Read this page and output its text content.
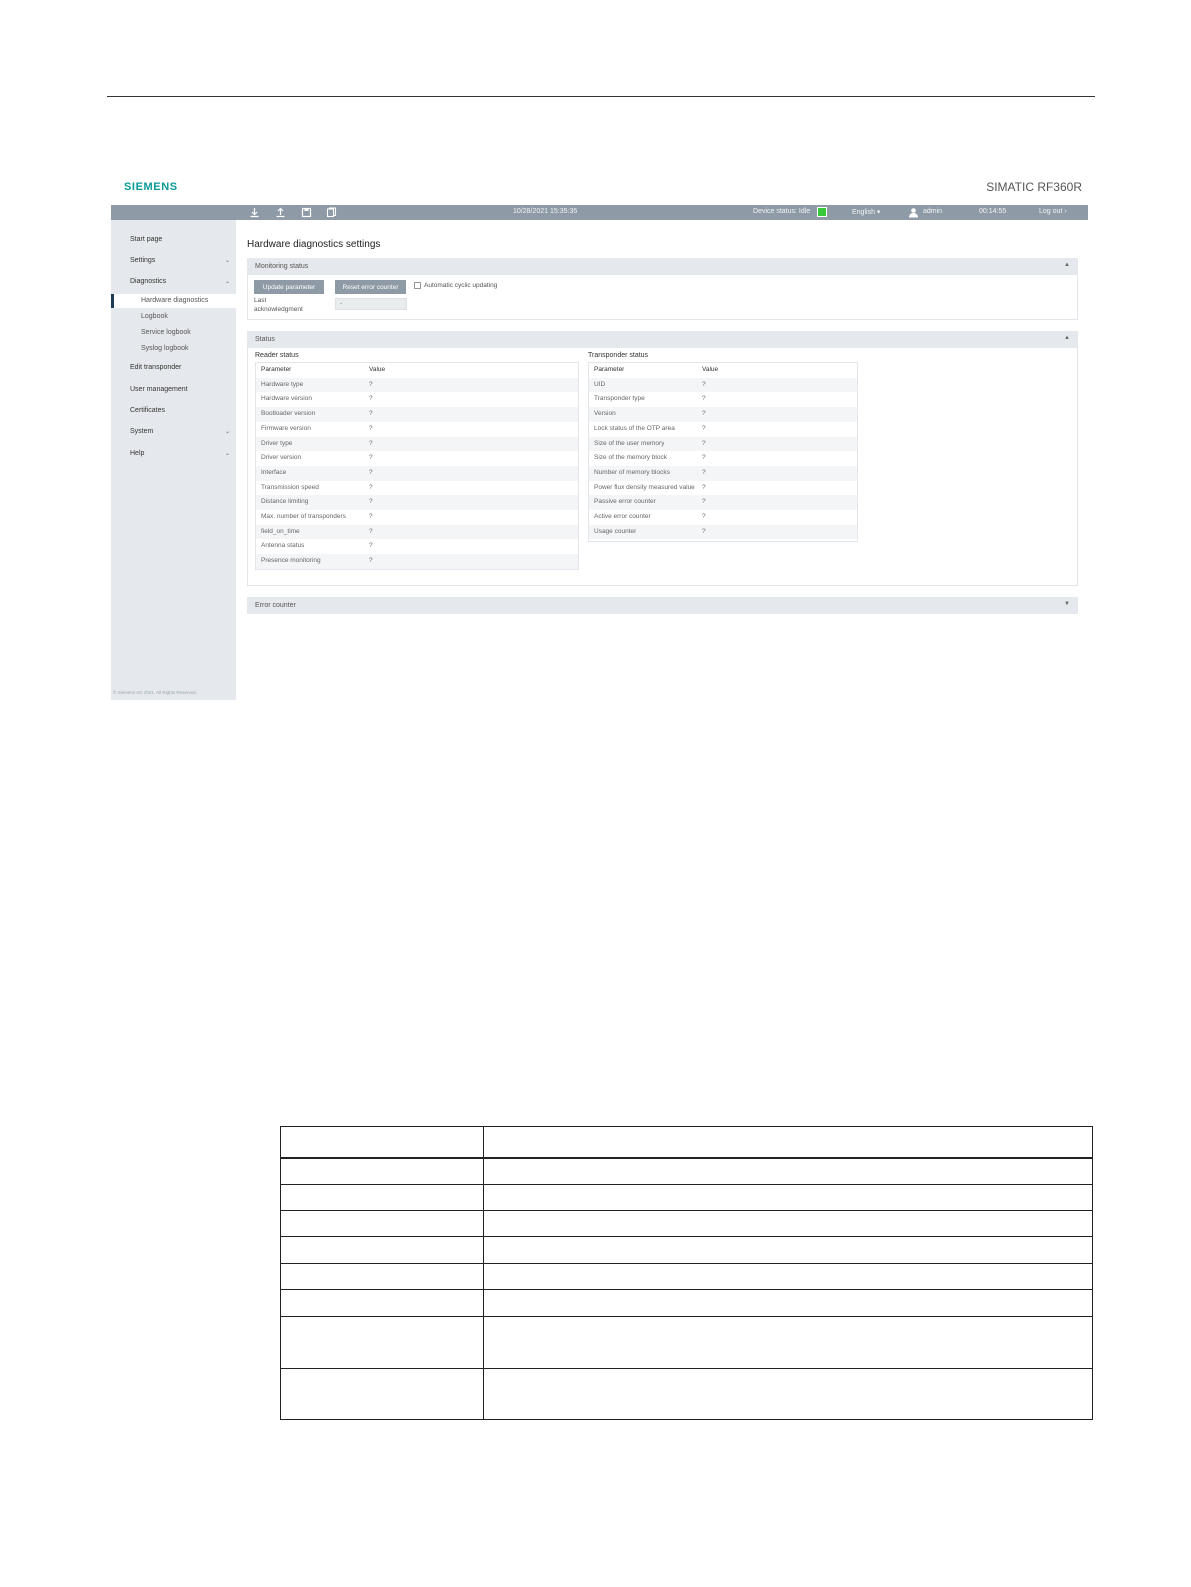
SIEMENS	SIMATIC RF360R
10/28/2021 15:35:35	Device status: Idle	English ▾	admin	00:14:55	Log out ›
Start page
Settings	⌄
Diagnostics	⌄
Hardware diagnostics
Logbook
Service logbook
Syslog logbook
Edit transponder
User management
Certificates
System	⌄
Help	⌄
© Siemens AG 2021. All Rights Reserved.
Hardware diagnostics settings
Monitoring status	▲
Update parameter	Reset error counter	Automatic cyclic updating
Last
acknowledgment
-
Status	▲
Reader status
Parameter	Value
Hardware type	?
Hardware version	?
Bootloader version	?
Firmware version	?
Driver type	?
Driver version	?
Interface	?
Transmission speed	?
Distance limiting	?
Max. number of transponders	?
field_on_time	?
Antenna status	?
Presence monitoring	?
Transponder status
Parameter	Value
UID	?
Transponder type	?
Version	?
Lock status of the OTP area	?
Size of the user memory	?
Size of the memory block	?
Number of memory blocks	?
Power flux density measured value ?
Passive error counter	?
Active error counter	?
Usage counter	?
Error counter	▼
